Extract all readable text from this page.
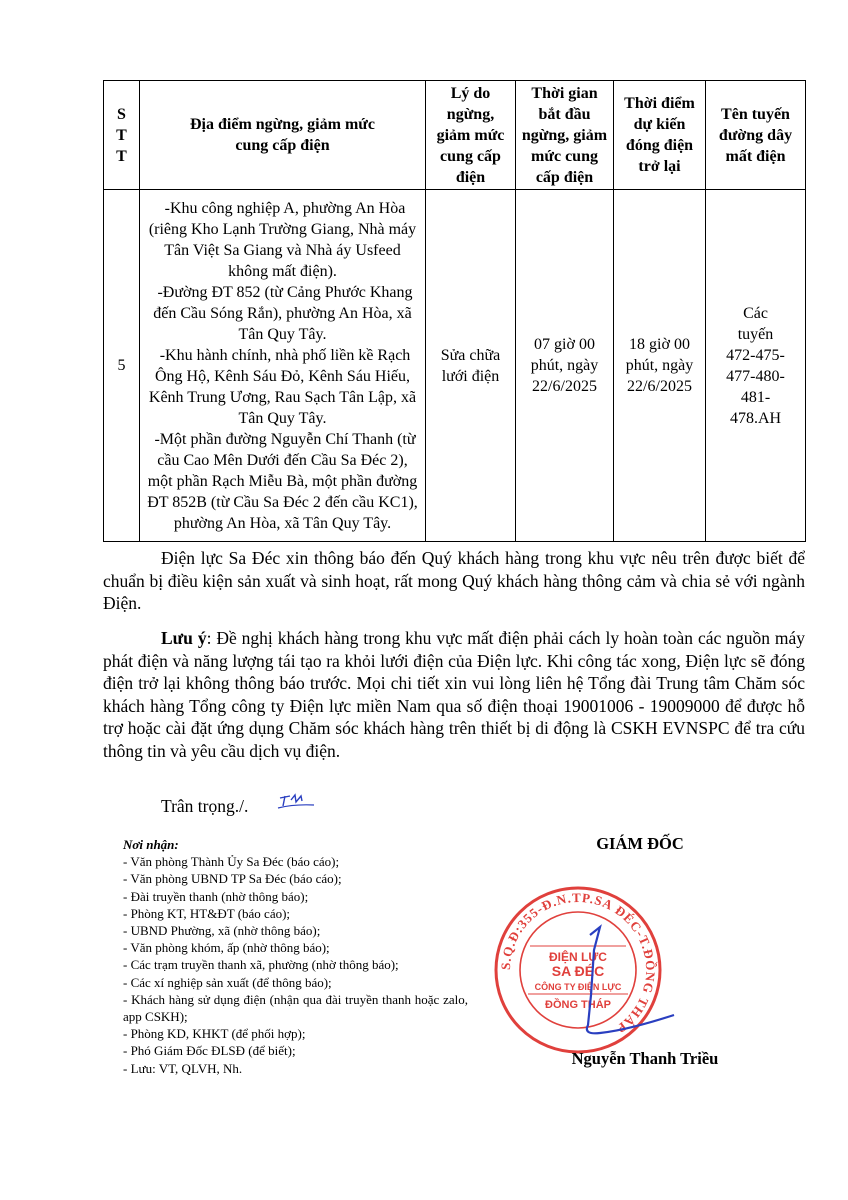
S
T
T	Địa điểm ngừng, giảm mức cung cấp điện	Lý do ngừng, giảm mức cung cấp điện	Thời gian bắt đầu ngừng, giảm mức cung cấp điện	Thời điểm dự kiến đóng điện trở lại	Tên tuyến đường dây mất điện
5	-Khu công nghiệp A, phường An Hòa (riêng Kho Lạnh Trường Giang, Nhà máy Tân Việt Sa Giang và Nhà áy Usfeed không mất điện).

-Đường ĐT 852 (từ Cảng Phước Khang đến Cầu Sóng Rắn), phường An Hòa, xã Tân Quy Tây.

-Khu hành chính, nhà phố liền kề Rạch Ông Hộ, Kênh Sáu Đỏ, Kênh Sáu Hiếu, Kênh Trung Ương, Rau Sạch Tân Lập, xã Tân Quy Tây.

-Một phần đường Nguyễn Chí Thanh (từ cầu Cao Mên Dưới đến Cầu Sa Đéc 2), một phần Rạch Miễu Bà, một phần đường ĐT 852B (từ Cầu Sa Đéc 2 đến cầu KC1), phường An Hòa, xã Tân Quy Tây.	Sửa chữa lưới điện	07 giờ 00 phút, ngày 22/6/2025	18 giờ 00 phút, ngày 22/6/2025	Các tuyến 472-475-477-480-481-478.AH

Điện lực Sa Đéc xin thông báo đến Quý khách hàng trong khu vực nêu trên được biết để chuẩn bị điều kiện sản xuất và sinh hoạt, rất mong Quý khách hàng thông cảm và chia sẻ với ngành Điện.

Lưu ý: Đề nghị khách hàng trong khu vực mất điện phải cách ly hoàn toàn các nguồn máy phát điện và năng lượng tái tạo ra khỏi lưới điện của Điện lực. Khi công tác xong, Điện lực sẽ đóng điện trở lại không thông báo trước. Mọi chi tiết xin vui lòng liên hệ Tổng đài Trung tâm Chăm sóc khách hàng Tổng công ty Điện lực miền Nam qua số điện thoại 19001006 - 19009000 để được hỗ trợ hoặc cài đặt ứng dụng Chăm sóc khách hàng trên thiết bị di động là CSKH EVNSPC để tra cứu thông tin và yêu cầu dịch vụ điện.

Trân trọng./.

Nơi nhận:

- Văn phòng Thành Ủy Sa Đéc (báo cáo);

- Văn phòng UBND TP Sa Đéc (báo cáo);

- Đài truyền thanh (nhờ thông báo);

- Phòng KT, HT&ĐT (báo cáo);

- UBND Phường, xã (nhờ thông báo);

- Văn phòng khóm, ấp (nhờ thông báo);

- Các trạm truyền thanh xã, phường (nhờ thông báo);

- Các xí nghiệp sản xuất (để thông báo);

- Khách hàng sử dụng điện (nhận qua đài truyền thanh hoặc zalo, app CSKH);

- Phòng KD, KHKT (để phối hợp);

- Phó Giám Đốc ĐLSĐ (để biết);

- Lưu: VT, QLVH, Nh.

GIÁM ĐỐC
S.Q.Đ:355-Đ.N.TP.SA ĐÉC-T.ĐỒNG THÁP
ĐIỆN LỰC
SA ĐÉC
CÔNG TY ĐIỆN LỰC
ĐỒNG THÁP
Nguyễn Thanh Triều
